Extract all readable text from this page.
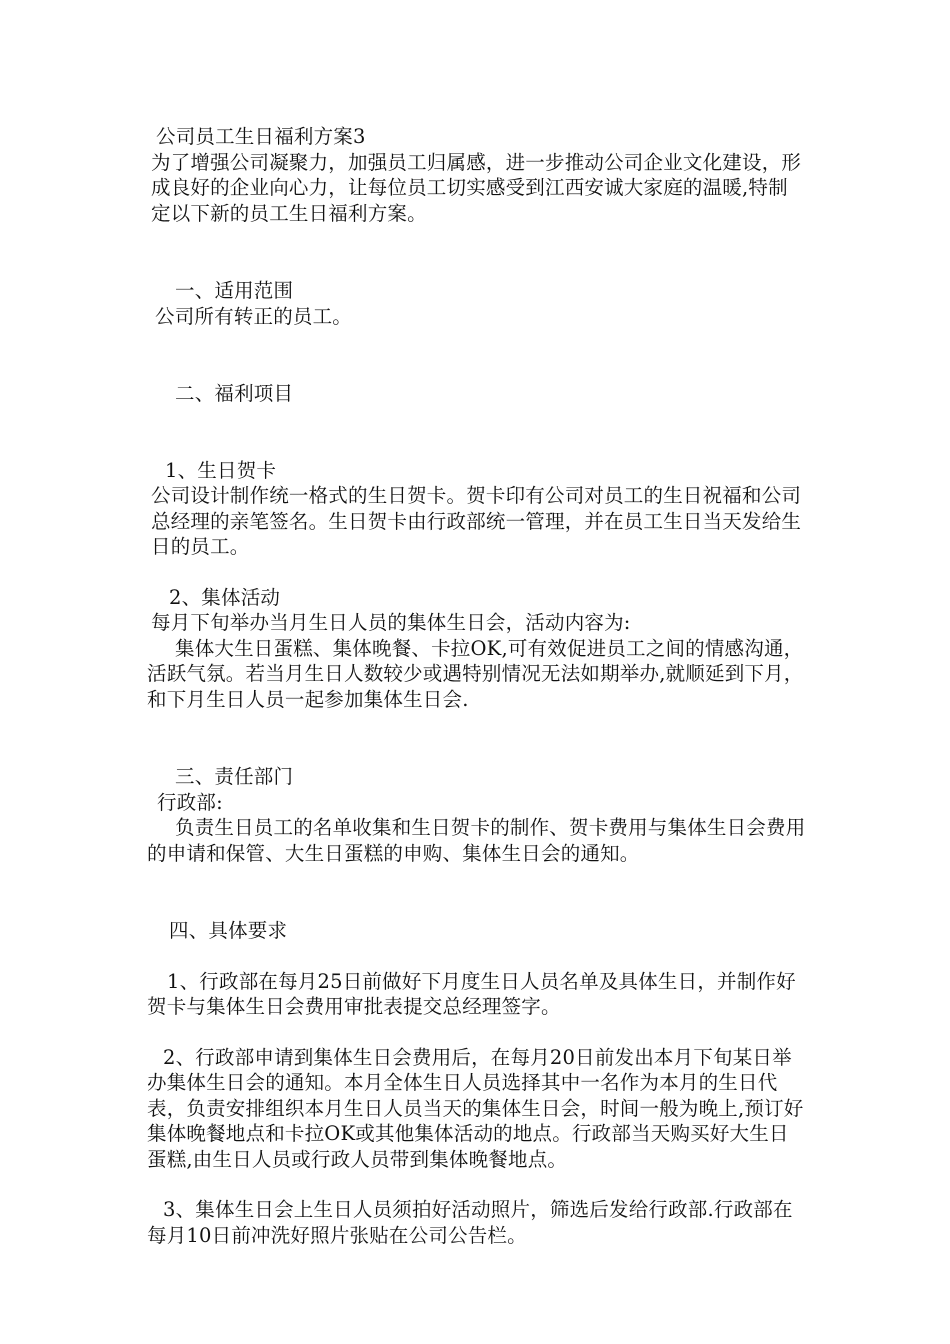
公司员工生日福利方案3

为了增强公司凝聚力，加强员工归属感，进一步推动公司企业文化建设，形成良好的企业向心力，让每位员工切实感受到江西安诚大家庭的温暖,特制定以下新的员工生日福利方案。

一、适用范围

公司所有转正的员工。

二、福利项目

1、生日贺卡

公司设计制作统一格式的生日贺卡。贺卡印有公司对员工的生日祝福和公司总经理的亲笔签名。生日贺卡由行政部统一管理，并在员工生日当天发给生日的员工。

2、集体活动

每月下旬举办当月生日人员的集体生日会，活动内容为:

集体大生日蛋糕、集体晚餐、卡拉OK,可有效促进员工之间的情感沟通，活跃气氛。若当月生日人数较少或遇特别情况无法如期举办,就顺延到下月，和下月生日人员一起参加集体生日会.

三、责任部门

行政部:

负责生日员工的名单收集和生日贺卡的制作、贺卡费用与集体生日会费用的申请和保管、大生日蛋糕的申购、集体生日会的通知。

四、具体要求

1、行政部在每月25日前做好下月度生日人员名单及具体生日，并制作好贺卡与集体生日会费用审批表提交总经理签字。

2、行政部申请到集体生日会费用后，在每月20日前发出本月下旬某日举办集体生日会的通知。本月全体生日人员选择其中一名作为本月的生日代表，负责安排组织本月生日人员当天的集体生日会，时间一般为晚上,预订好集体晚餐地点和卡拉OK或其他集体活动的地点。行政部当天购买好大生日蛋糕,由生日人员或行政人员带到集体晚餐地点。

3、集体生日会上生日人员须拍好活动照片，筛选后发给行政部.行政部在每月10日前冲洗好照片张贴在公司公告栏。
